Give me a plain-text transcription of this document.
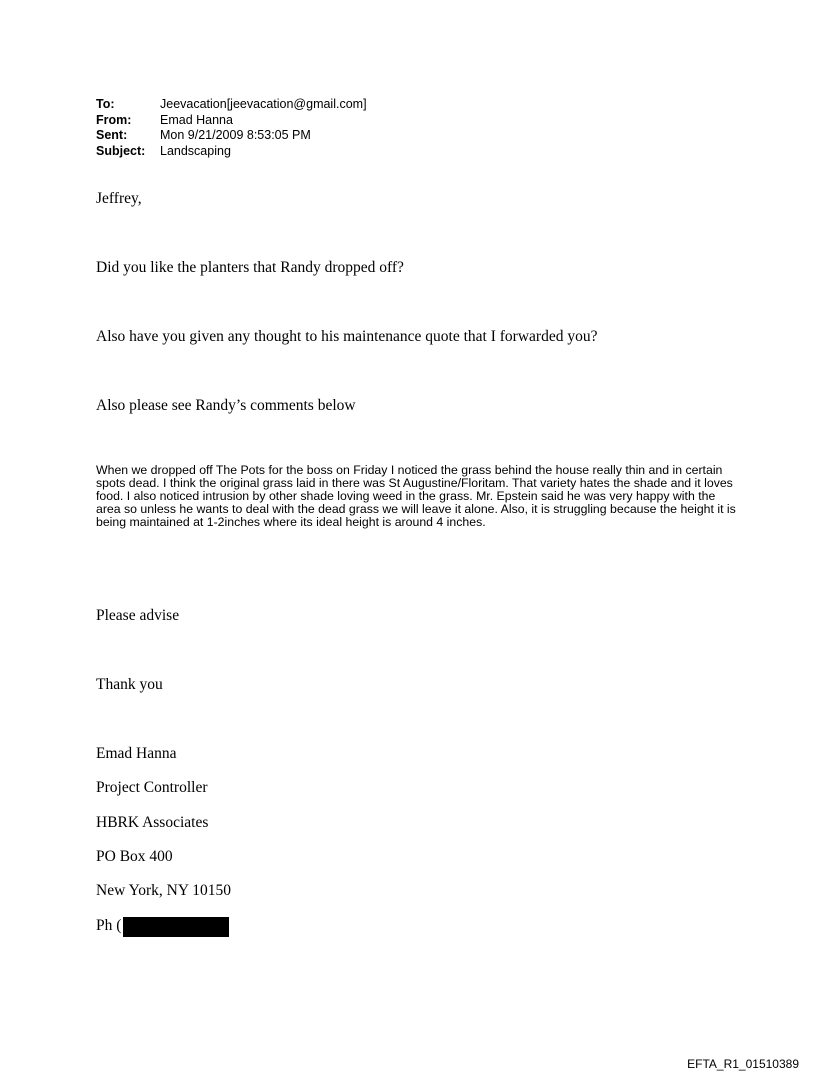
To:	Jeevacation[jeevacation@gmail.com]
From:	Emad Hanna
Sent:	Mon 9/21/2009 8:53:05 PM
Subject:	Landscaping

Jeffrey,

Did you like the planters that Randy dropped off?

Also have you given any thought to his maintenance quote that I forwarded you?

Also please see Randy’s comments below

When we dropped off The Pots for the boss on Friday I noticed the grass behind the house really thin and in certain spots dead. I think the original grass laid in there was St Augustine/Floritam. That variety hates the shade and it loves food. I also noticed intrusion by other shade loving weed in the grass. Mr. Epstein said he was very happy with the area so unless he wants to deal with the dead grass we will leave it alone. Also, it is struggling because the height it is being maintained at 1-2inches where its ideal height is around 4 inches.

Please advise

Thank you

Emad Hanna

Project Controller

HBRK Associates

PO Box 400

New York, NY 10150

Ph (
EFTA_R1_01510389
